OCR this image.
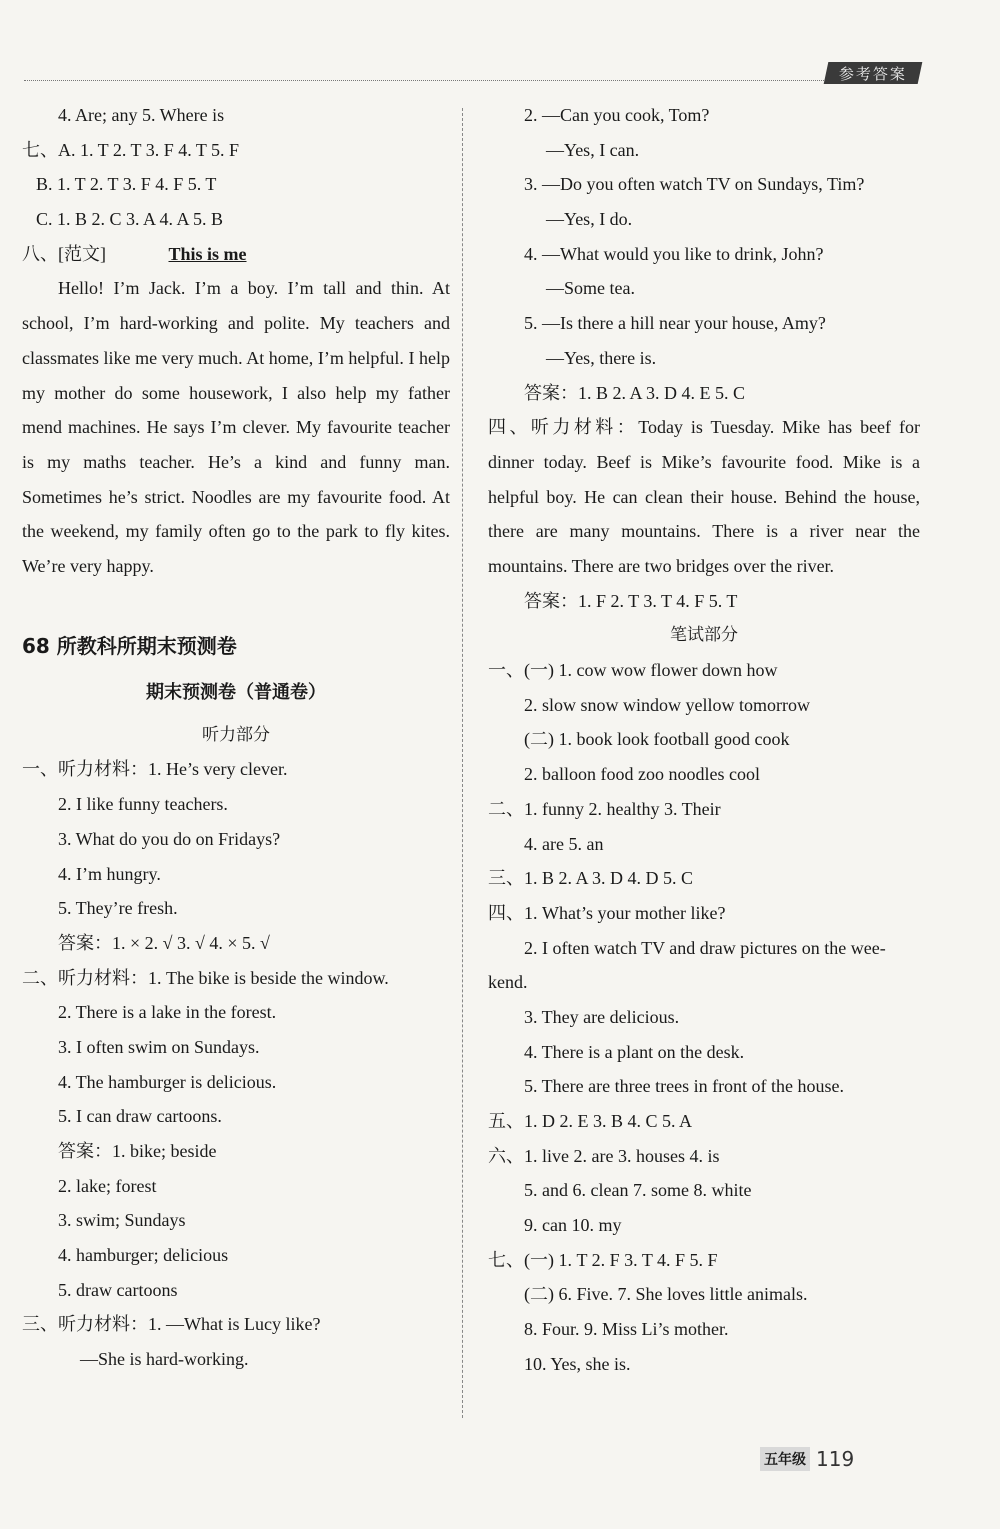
参考答案
4. Are; any 5. Where is
七、A. 1. T 2. T 3. F 4. T 5. F
B. 1. T 2. T 3. F 4. F 5. T
C. 1. B 2. C 3. A 4. A 5. B
八、[范文]	This is me
Hello! I’m Jack. I’m a boy. I’m tall and thin. At school, I’m hard-working and polite. My teachers and classmates like me very much. At home, I’m helpful. I help my mother do some housework, I also help my father mend machines. He says I’m clever. My favourite teacher is my maths teacher. He’s a kind and funny man. Sometimes he’s strict. Noodles are my favourite food. At the weekend, my family often go to the park to fly kites. We’re very happy.
68 所教科所期末预测卷
期末预测卷（普通卷）
听力部分
一、听力材料：1. He’s very clever.
2. I like funny teachers.
3. What do you do on Fridays?
4. I’m hungry.
5. They’re fresh.
答案：1. × 2. √ 3. √ 4. × 5. √
二、听力材料：1. The bike is beside the window.
2. There is a lake in the forest.
3. I often swim on Sundays.
4. The hamburger is delicious.
5. I can draw cartoons.
答案：1. bike; beside
2. lake; forest
3. swim; Sundays
4. hamburger; delicious
5. draw cartoons
三、听力材料：1. —What is Lucy like?
—She is hard-working.
2. —Can you cook, Tom?
—Yes, I can.
3. —Do you often watch TV on Sundays, Tim?
—Yes, I do.
4. —What would you like to drink, John?
—Some tea.
5. —Is there a hill near your house, Amy?
—Yes, there is.
答案：1. B 2. A 3. D 4. E 5. C
四、听力材料：Today is Tuesday. Mike has beef for dinner today. Beef is Mike’s favourite food. Mike is a helpful boy. He can clean their house. Behind the house, there are many mountains. There is a river near the mountains. There are two bridges over the river.
答案：1. F 2. T 3. T 4. F 5. T
笔试部分
一、(一) 1. cow wow flower down how
2. slow snow window yellow tomorrow
(二) 1. book look football good cook
2. balloon food zoo noodles cool
二、1. funny 2. healthy 3. Their
4. are 5. an
三、1. B 2. A 3. D 4. D 5. C
四、1. What’s your mother like?
2. I often watch TV and draw pictures on the wee-
kend.
3. They are delicious.
4. There is a plant on the desk.
5. There are three trees in front of the house.
五、1. D 2. E 3. B 4. C 5. A
六、1. live 2. are 3. houses 4. is
5. and 6. clean 7. some 8. white
9. can 10. my
七、(一) 1. T 2. F 3. T 4. F 5. F
(二) 6. Five. 7. She loves little animals.
8. Four. 9. Miss Li’s mother.
10. Yes, she is.
五年级 119
